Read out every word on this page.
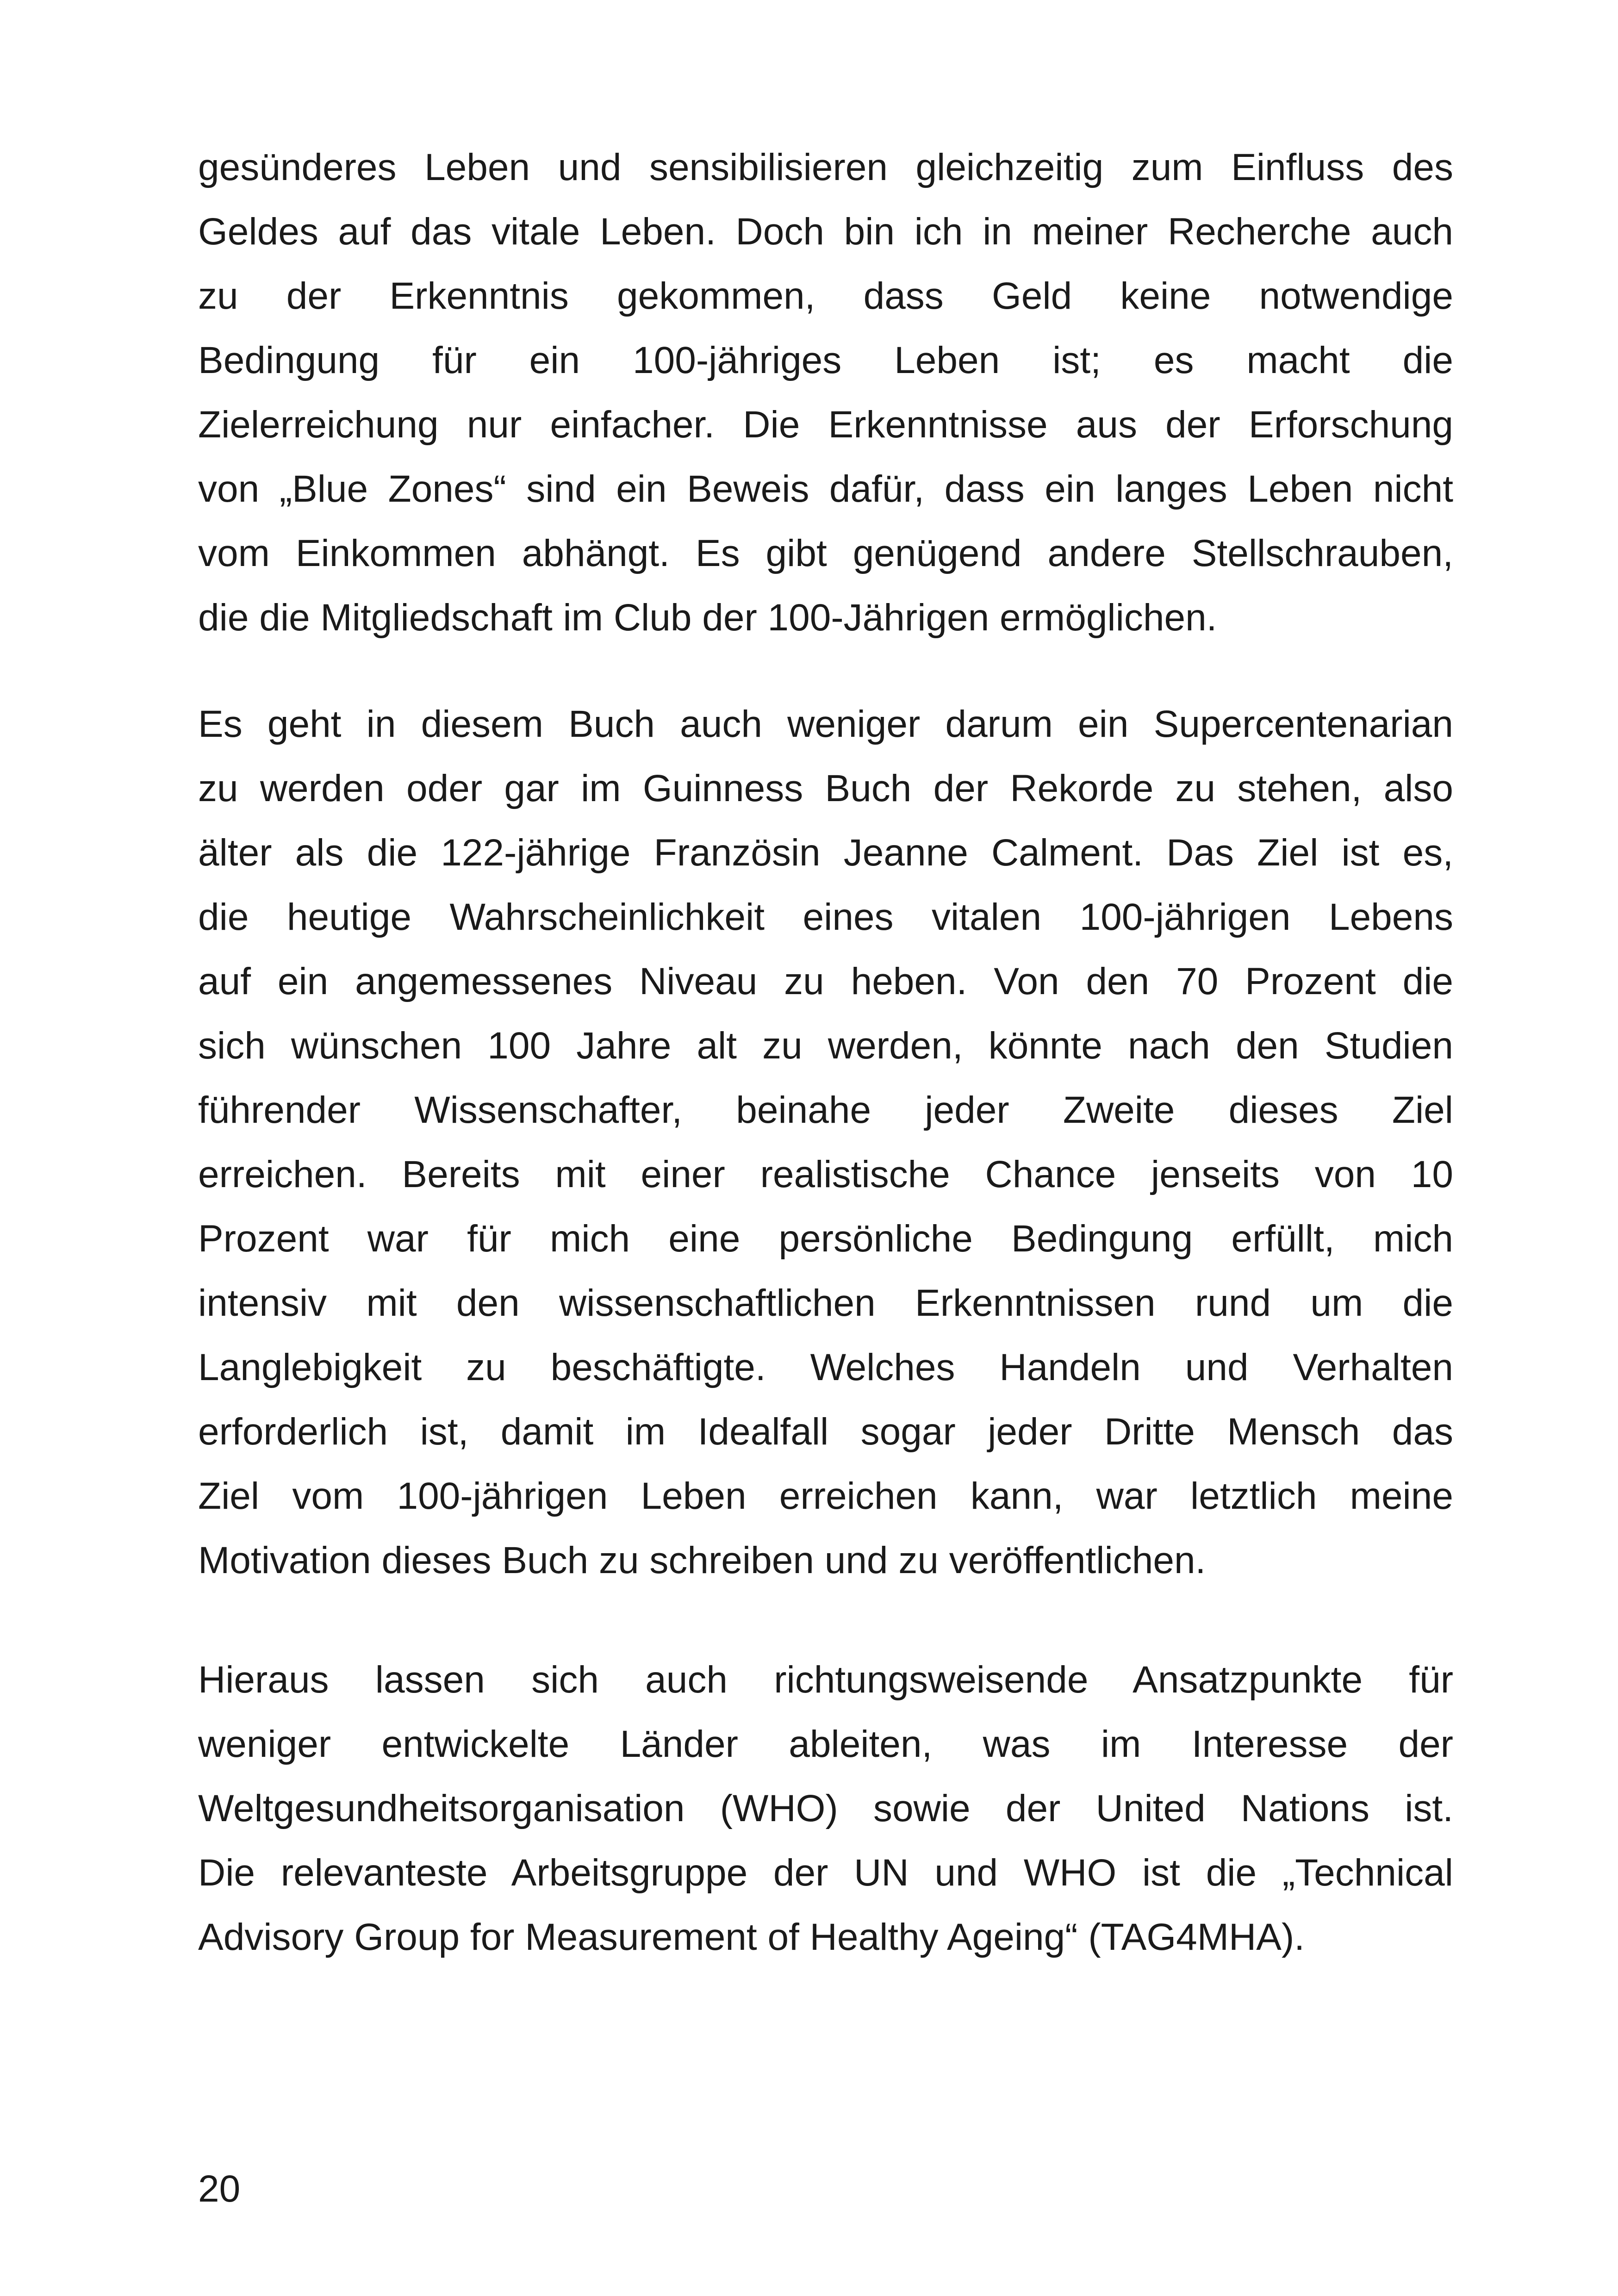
gesünderes Leben und sensibilisieren gleichzeitig zum Einfluss des
Geldes auf das vitale Leben. Doch bin ich in meiner Recherche auch
zu der Erkenntnis gekommen, dass Geld keine notwendige
Bedingung für ein 100-jähriges Leben ist; es macht die
Zielerreichung nur einfacher. Die Erkenntnisse aus der Erforschung
von „Blue Zones“ sind ein Beweis dafür, dass ein langes Leben nicht
vom Einkommen abhängt. Es gibt genügend andere Stellschrauben,
die die Mitgliedschaft im Club der 100-Jährigen ermöglichen.
Es geht in diesem Buch auch weniger darum ein Supercentenarian
zu werden oder gar im Guinness Buch der Rekorde zu stehen, also
älter als die 122-jährige Französin Jeanne Calment. Das Ziel ist es,
die heutige Wahrscheinlichkeit eines vitalen 100-jährigen Lebens
auf ein angemessenes Niveau zu heben. Von den 70 Prozent die
sich wünschen 100 Jahre alt zu werden, könnte nach den Studien
führender Wissenschafter, beinahe jeder Zweite dieses Ziel
erreichen. Bereits mit einer realistische Chance jenseits von 10
Prozent war für mich eine persönliche Bedingung erfüllt, mich
intensiv mit den wissenschaftlichen Erkenntnissen rund um die
Langlebigkeit zu beschäftigte. Welches Handeln und Verhalten
erforderlich ist, damit im Idealfall sogar jeder Dritte Mensch das
Ziel vom 100-jährigen Leben erreichen kann, war letztlich meine
Motivation dieses Buch zu schreiben und zu veröffentlichen.
Hieraus lassen sich auch richtungsweisende Ansatzpunkte für
weniger entwickelte Länder ableiten, was im Interesse der
Weltgesundheitsorganisation (WHO) sowie der United Nations ist.
Die relevanteste Arbeitsgruppe der UN und WHO ist die „Technical
Advisory Group for Measurement of Healthy Ageing“ (TAG4MHA).
20
